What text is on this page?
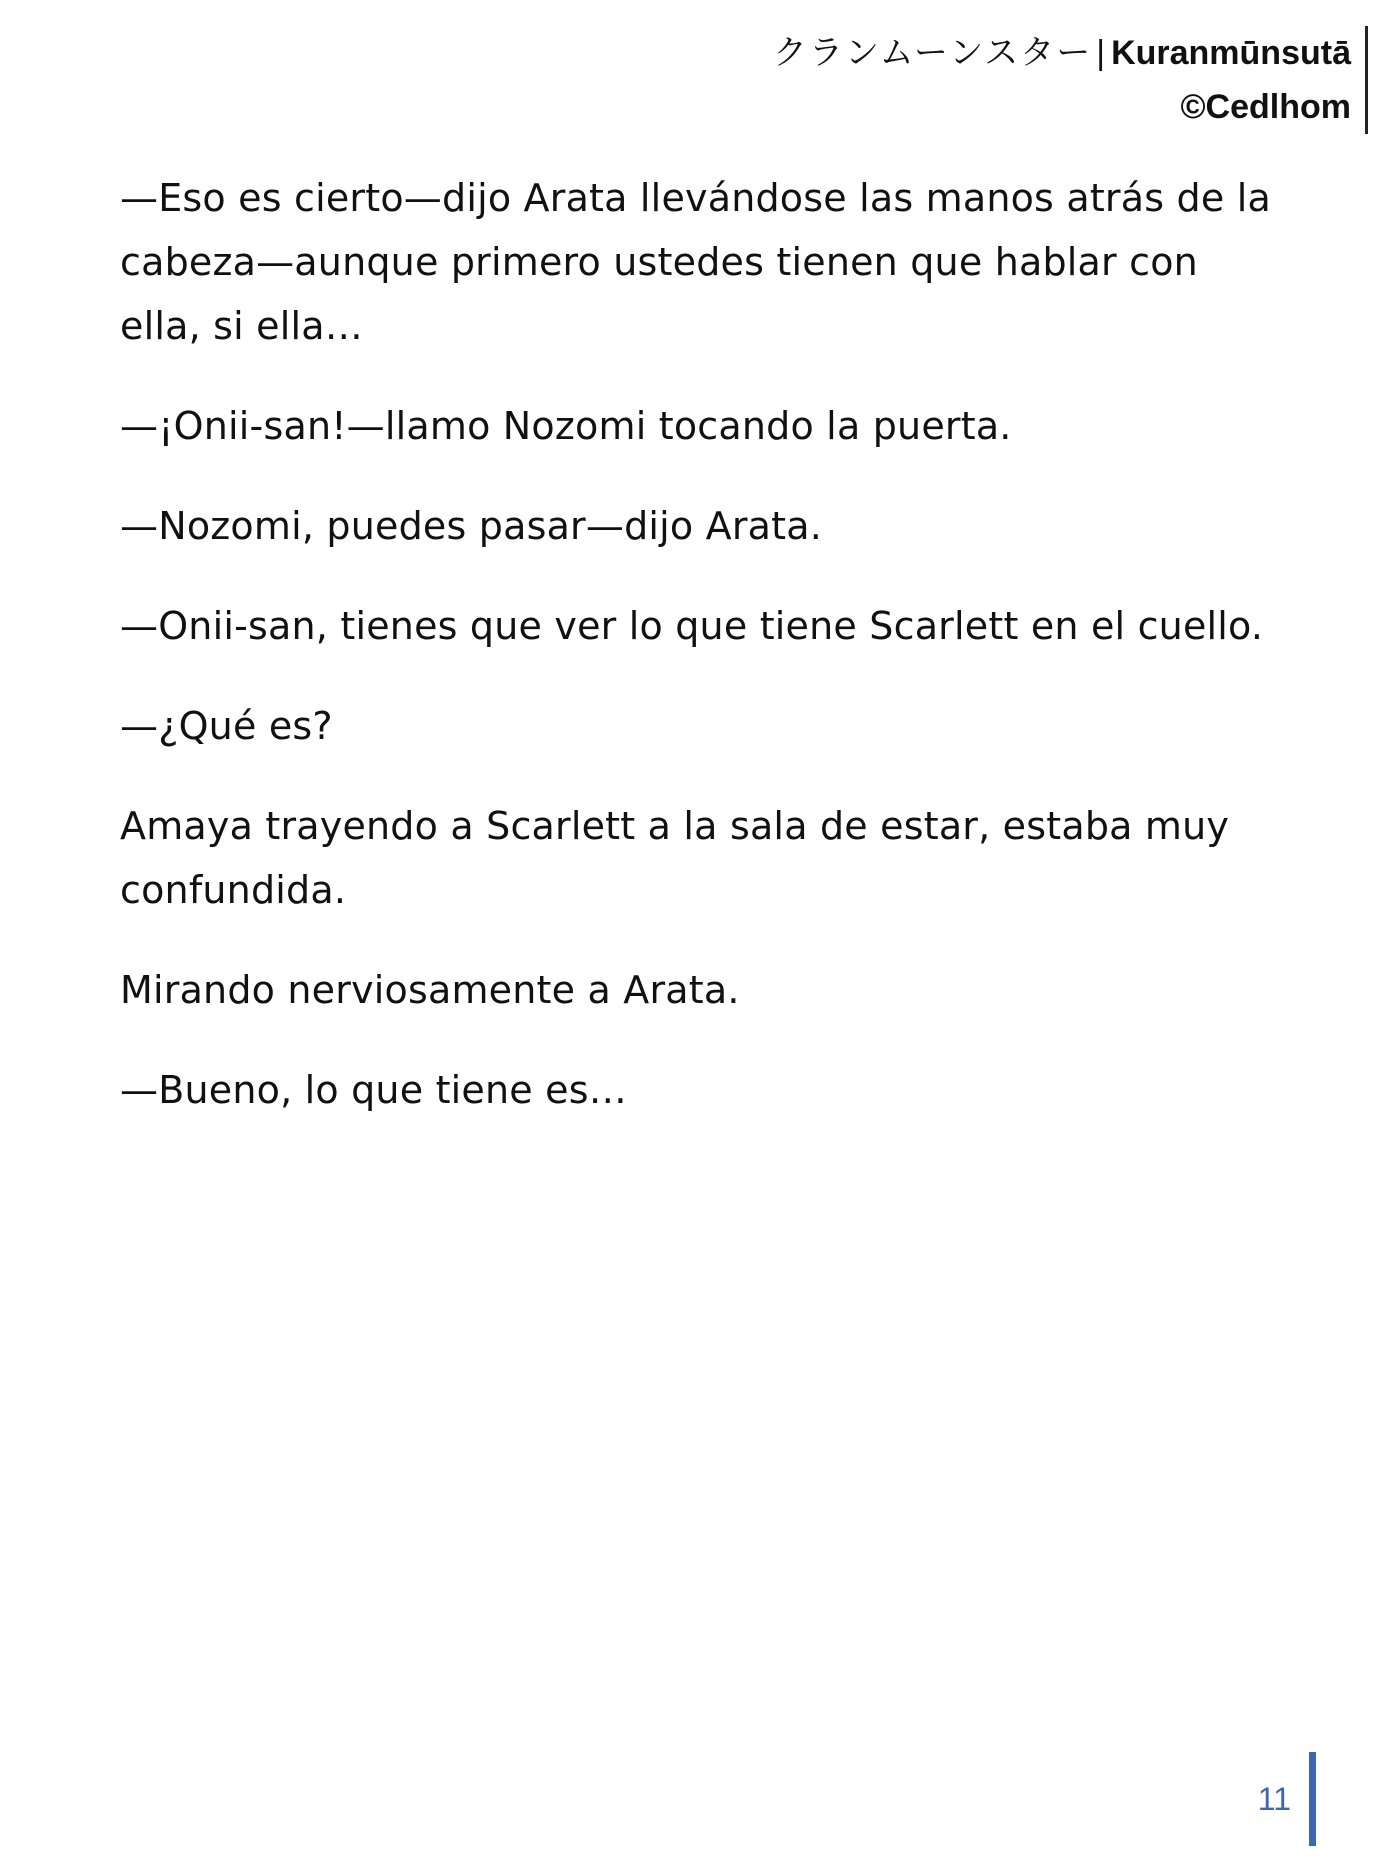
クランムーンスター | Kuranmūnsutā
©Cedlhom

—Eso es cierto—dijo Arata llevándose las manos atrás de la cabeza—aunque primero ustedes tienen que hablar con ella, si ella…

—¡Onii-san!—llamo Nozomi tocando la puerta.

—Nozomi, puedes pasar—dijo Arata.

—Onii-san, tienes que ver lo que tiene Scarlett en el cuello.

—¿Qué es?

Amaya trayendo a Scarlett a la sala de estar, estaba muy confundida.

Mirando nerviosamente a Arata.

—Bueno, lo que tiene es…

11
